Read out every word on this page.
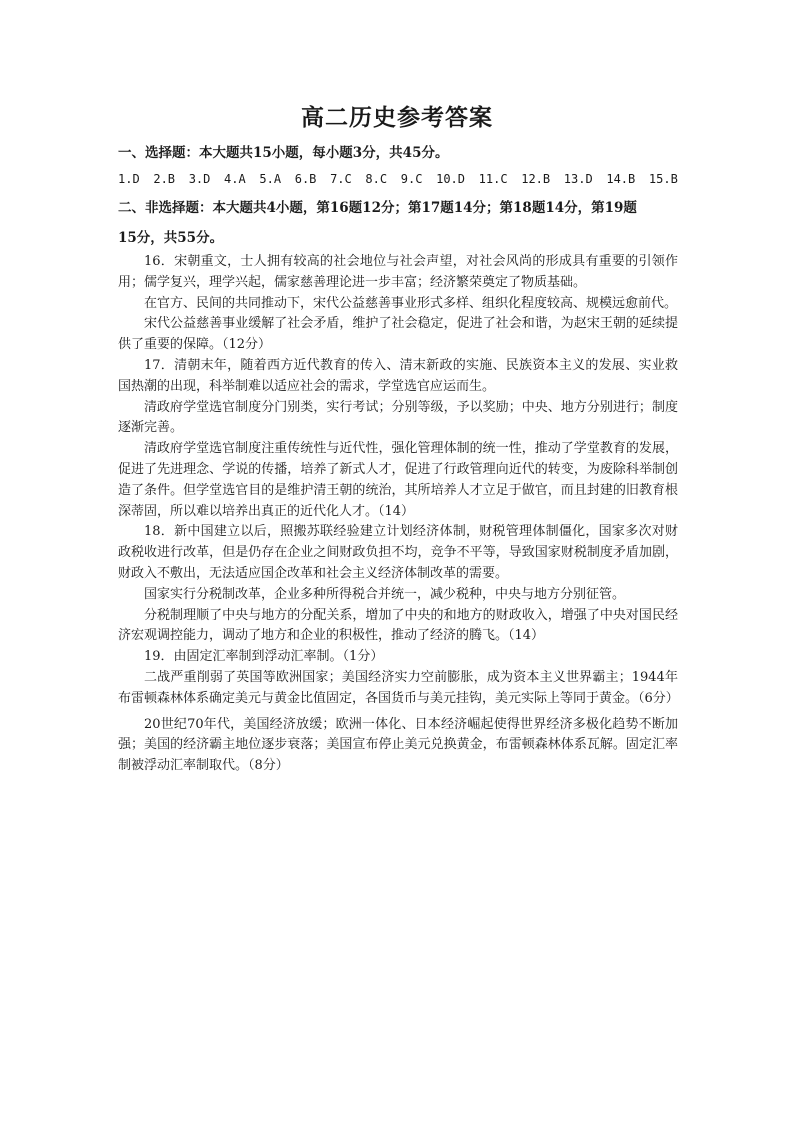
高二历史参考答案
一、选择题：本大题共15小题，每小题3分，共45分。
1.D 2.B 3.D 4.A 5.A 6.B 7.C 8.C 9.C 10.D 11.C 12.B 13.D 14.B 15.B
二、非选择题：本大题共4小题，第16题12分；第17题14分；第18题14分，第19题
15分，共55分。

16．宋朝重文，士人拥有较高的社会地位与社会声望，对社会风尚的形成具有重要的引领作用；儒学复兴，理学兴起，儒家慈善理论进一步丰富；经济繁荣奠定了物质基础。

在官方、民间的共同推动下，宋代公益慈善事业形式多样、组织化程度较高、规模远愈前代。

宋代公益慈善事业缓解了社会矛盾，维护了社会稳定，促进了社会和谐，为赵宋王朝的延续提供了重要的保障。（12分）

17．清朝末年，随着西方近代教育的传入、清末新政的实施、民族资本主义的发展、实业救国热潮的出现，科举制难以适应社会的需求，学堂选官应运而生。

清政府学堂选官制度分门别类，实行考试；分别等级，予以奖励；中央、地方分别进行；制度逐渐完善。

清政府学堂选官制度注重传统性与近代性，强化管理体制的统一性，推动了学堂教育的发展，促进了先进理念、学说的传播，培养了新式人才，促进了行政管理向近代的转变，为废除科举制创造了条件。但学堂选官目的是维护清王朝的统治，其所培养人才立足于做官，而且封建的旧教育根深蒂固，所以难以培养出真正的近代化人才。（14）

18．新中国建立以后，照搬苏联经验建立计划经济体制，财税管理体制僵化，国家多次对财政税收进行改革，但是仍存在企业之间财政负担不均，竞争不平等，导致国家财税制度矛盾加剧，财政入不敷出，无法适应国企改革和社会主义经济体制改革的需要。

国家实行分税制改革，企业多种所得税合并统一，减少税种，中央与地方分别征管。

分税制理顺了中央与地方的分配关系，增加了中央的和地方的财政收入，增强了中央对国民经济宏观调控能力，调动了地方和企业的积极性，推动了经济的腾飞。（14）

19．由固定汇率制到浮动汇率制。（1分）

二战严重削弱了英国等欧洲国家；美国经济实力空前膨胀，成为资本主义世界霸主；1944年布雷顿森林体系确定美元与黄金比值固定，各国货币与美元挂钩，美元实际上等同于黄金。（6分）

20世纪70年代，美国经济放缓；欧洲一体化、日本经济崛起使得世界经济多极化趋势不断加强；美国的经济霸主地位逐步衰落；美国宣布停止美元兑换黄金，布雷顿森林体系瓦解。固定汇率制被浮动汇率制取代。（8分）
